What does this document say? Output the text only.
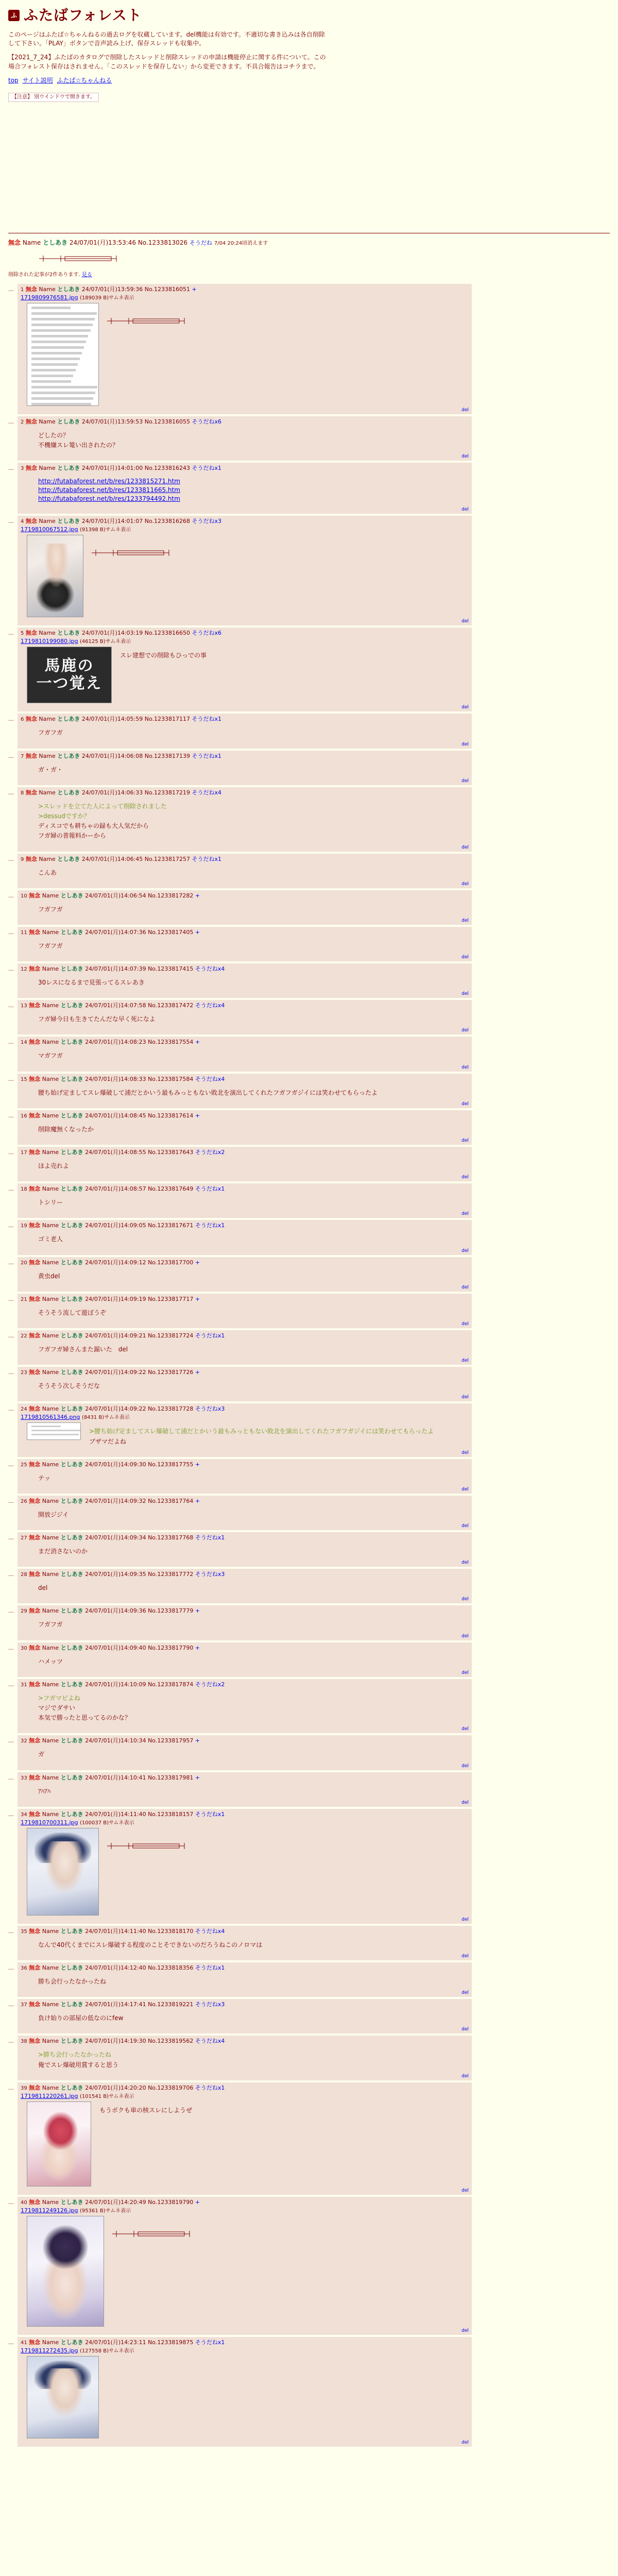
ふ ふたばフォレスト

このページはふたば☆ちゃんねるの過去ログを収蔵しています。del機能は有効です。不適切な書き込みは各自削除して下さい。「PLAY」ボタンで音声読み上げ、保存スレッドも収集中。

【2021_7_24】ふたばのカタログで削除したスレッドと削除スレッドの申請は機能停止に関する件について。この場合フォレスト保存はされません。「このスレッドを保存しない」から変更できます。不具合報告はコチラまで。

top サイト説明 ふたば☆ちゃんねる
【注意】 別ウインドウで開きます。
無念 Name としあき 24/07/01(月)13:53:46 No.1233813026 そうだね 7/04 20:24頃消えます
削除された記事が2件あります. 見る
…	1 無念 Name としあき 24/07/01(月)13:59:36 No.1233816051 +
1719809976581.jpg (189039 B)サムネ表示
del
…	2 無念 Name としあき 24/07/01(月)13:59:53 No.1233816055 そうだねx6
どしたの？
不機嫌スレ篭い出されたの？
del
…	3 無念 Name としあき 24/07/01(月)14:01:00 No.1233816243 そうだねx1
http://futabaforest.net/b/res/1233815271.htm
http://futabaforest.net/b/res/1233811665.htm
http://futabaforest.net/b/res/1233794492.htm
del
…	4 無念 Name としあき 24/07/01(月)14:01:07 No.1233816268 そうだねx3
1719810067512.jpg (91398 B)サムネ表示
del
…	5 無念 Name としあき 24/07/01(月)14:03:19 No.1233816650 そうだねx6
1719810199080.jpg (46125 B)サムネ表示
馬鹿の
一つ覚え
スレ建想での削除もひっでの事
del
…	6 無念 Name としあき 24/07/01(月)14:05:59 No.1233817117 そうだねx1
フガフガ
del
…	7 無念 Name としあき 24/07/01(月)14:06:08 No.1233817139 そうだねx1
ガ・ガ・
del
…	8 無念 Name としあき 24/07/01(月)14:06:33 No.1233817219 そうだねx4
>スレッドを立てた人によって削除されました
>dessudですか？
ディスコでも耕ちゃの録も大人気だから
フガ婦の普報料かーから
del
…	9 無念 Name としあき 24/07/01(月)14:06:45 No.1233817257 そうだねx1
こんあ
del
…	10 無念 Name としあき 24/07/01(月)14:06:54 No.1233817282 +
フガフガ
del
…	11 無念 Name としあき 24/07/01(月)14:07:36 No.1233817405 +
フガフガ
del
…	12 無念 Name としあき 24/07/01(月)14:07:39 No.1233817415 そうだねx4
30レスになるまで見張ってるスレあき
del
…	13 無念 Name としあき 24/07/01(月)14:07:58 No.1233817472 そうだねx4
フガ婦今日も生きてたんだな早く死になよ
del
…	14 無念 Name としあき 24/07/01(月)14:08:23 No.1233817554 +
マガフガ
del
…	15 無念 Name としあき 24/07/01(月)14:08:33 No.1233817584 そうだねx4
腰ち始げ定ましてスレ爆破して浦だとかいう最もみっともない敗北を演出してくれたフガフガジイには笑わせてもらったよ
del
…	16 無念 Name としあき 24/07/01(月)14:08:45 No.1233817614 +
削除魔無くなったか
del
…	17 無念 Name としあき 24/07/01(月)14:08:55 No.1233817643 そうだねx2
ほよ売れよ
del
…	18 無念 Name としあき 24/07/01(月)14:08:57 No.1233817649 そうだねx1
トシリー
del
…	19 無念 Name としあき 24/07/01(月)14:09:05 No.1233817671 そうだねx1
ゴミ老人
del
…	20 無念 Name としあき 24/07/01(月)14:09:12 No.1233817700 +
黄虫del
del
…	21 無念 Name としあき 24/07/01(月)14:09:19 No.1233817717 +
そうそう流して遊ぼうぞ
del
…	22 無念 Name としあき 24/07/01(月)14:09:21 No.1233817724 そうだねx1
フガフガ婦さんまた漏いた　del
del
…	23 無念 Name としあき 24/07/01(月)14:09:22 No.1233817726 +
そうそう次しそうだな
del
…	24 無念 Name としあき 24/07/01(月)14:09:22 No.1233817728 そうだねx3
1719810561346.png (8431 B)サムネ表示
>腰ち始げ定ましてスレ爆破して浦だとかいう最もみっともない敗北を演出してくれたフガフガジイには笑わせてもらったよ
ブザマだよね
del
…	25 無念 Name としあき 24/07/01(月)14:09:30 No.1233817755 +
テッ
del
…	26 無念 Name としあき 24/07/01(月)14:09:32 No.1233817764 +
開放ジジイ
del
…	27 無念 Name としあき 24/07/01(月)14:09:34 No.1233817768 そうだねx1
まだ消さないのか
del
…	28 無念 Name としあき 24/07/01(月)14:09:35 No.1233817772 そうだねx3
del
del
…	29 無念 Name としあき 24/07/01(月)14:09:36 No.1233817779 +
フガフガ
del
…	30 無念 Name としあき 24/07/01(月)14:09:40 No.1233817790 +
ハメッツ
del
…	31 無念 Name としあき 24/07/01(月)14:10:09 No.1233817874 そうだねx2
>フガマピよね
マジでダサい
本気で勝ったと思ってるのかな？
del
…	32 無念 Name としあき 24/07/01(月)14:10:34 No.1233817957 +
ガ
del
…	33 無念 Name としあき 24/07/01(月)14:10:41 No.1233817981 +
ｱﾊｱﾊ
del
…	34 無念 Name としあき 24/07/01(月)14:11:40 No.1233818157 そうだねx1
1719810700311.jpg (100037 B)サムネ表示
del
…	35 無念 Name としあき 24/07/01(月)14:11:40 No.1233818170 そうだねx4
なんで40代くまでにスレ爆破する程度のことそできないのだろうねこのノロマは
del
…	36 無念 Name としあき 24/07/01(月)14:12:40 No.1233818356 そうだねx1
勝ち会行ったなかったね
del
…	37 無念 Name としあき 24/07/01(月)14:17:41 No.1233819221 そうだねx3
負け始りの部屋の低なのにfew
del
…	38 無念 Name としあき 24/07/01(月)14:19:30 No.1233819562 そうだねx4
>勝ち会行ったなかったね
俺でスレ爆破用賞すると思う
del
…	39 無念 Name としあき 24/07/01(月)14:20:20 No.1233819706 そうだねx1
1719811220261.jpg (101541 B)サムネ表示
もうボクも車の核スレにしようぜ
del
…	40 無念 Name としあき 24/07/01(月)14:20:49 No.1233819790 +
1719811249126.jpg (95361 B)サムネ表示
del
…	41 無念 Name としあき 24/07/01(月)14:23:11 No.1233819875 そうだねx1
1719811272435.jpg (127558 B)サムネ表示
del
